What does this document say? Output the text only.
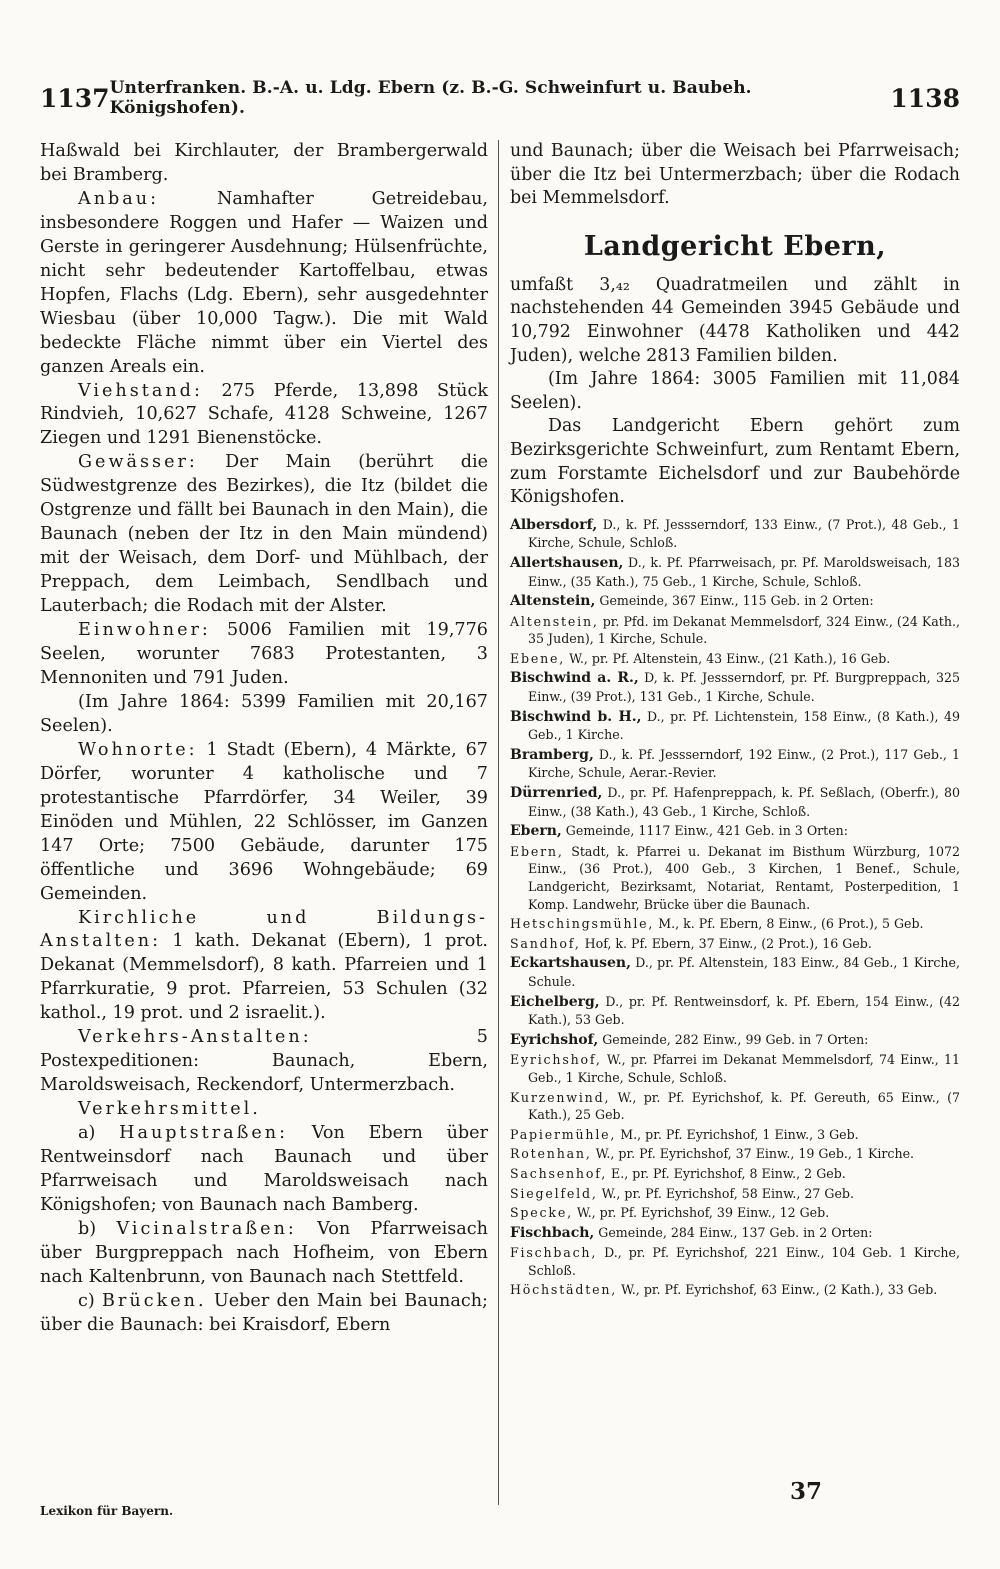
1137 Unterfranken. B.-A. u. Ldg. Ebern (z. B.-G. Schweinfurt u. Baubeh. Königshofen).	1138

Haßwald bei Kirchlauter, der Brambergerwald bei Bramberg.

Anbau: Namhafter Getreidebau, insbesondere Roggen und Hafer — Waizen und Gerste in geringerer Ausdehnung; Hülsenfrüchte, nicht sehr bedeutender Kartoffelbau, etwas Hopfen, Flachs (Ldg. Ebern), sehr ausgedehnter Wiesbau (über 10,000 Tagw.). Die mit Wald bedeckte Fläche nimmt über ein Viertel des ganzen Areals ein.

Viehstand: 275 Pferde, 13,898 Stück Rindvieh, 10,627 Schafe, 4128 Schweine, 1267 Ziegen und 1291 Bienenstöcke.

Gewässer: Der Main (berührt die Südwestgrenze des Bezirkes), die Itz (bildet die Ostgrenze und fällt bei Baunach in den Main), die Baunach (neben der Itz in den Main mündend) mit der Weisach, dem Dorf- und Mühlbach, der Preppach, dem Leimbach, Sendlbach und Lauterbach; die Rodach mit der Alster.

Einwohner: 5006 Familien mit 19,776 Seelen, worunter 7683 Protestanten, 3 Mennoniten und 791 Juden.

(Im Jahre 1864: 5399 Familien mit 20,167 Seelen).

Wohnorte: 1 Stadt (Ebern), 4 Märkte, 67 Dörfer, worunter 4 katholische und 7 protestantische Pfarrdörfer, 34 Weiler, 39 Einöden und Mühlen, 22 Schlösser, im Ganzen 147 Orte; 7500 Gebäude, darunter 175 öffentliche und 3696 Wohngebäude; 69 Gemeinden.

Kirchliche und Bildungs-Anstalten: 1 kath. Dekanat (Ebern), 1 prot. Dekanat (Memmelsdorf), 8 kath. Pfarreien und 1 Pfarrkuratie, 9 prot. Pfarreien, 53 Schulen (32 kathol., 19 prot. und 2 israelit.).

Verkehrs-Anstalten: 5 Postexpeditionen: Baunach, Ebern, Maroldsweisach, Reckendorf, Untermerzbach.

Verkehrsmittel.

a) Hauptstraßen: Von Ebern über Rentweinsdorf nach Baunach und über Pfarrweisach und Maroldsweisach nach Königshofen; von Baunach nach Bamberg.

b) Vicinalstraßen: Von Pfarrweisach über Burgpreppach nach Hofheim, von Ebern nach Kaltenbrunn, von Baunach nach Stettfeld.

c) Brücken. Ueber den Main bei Baunach; über die Baunach: bei Kraisdorf, Ebern

und Baunach; über die Weisach bei Pfarrweisach; über die Itz bei Untermerzbach; über die Rodach bei Memmelsdorf.

Landgericht Ebern,

umfaßt 3,₄₂ Quadratmeilen und zählt in nachstehenden 44 Gemeinden 3945 Gebäude und 10,792 Einwohner (4478 Katholiken und 442 Juden), welche 2813 Familien bilden.

(Im Jahre 1864: 3005 Familien mit 11,084 Seelen).

Das Landgericht Ebern gehört zum Bezirksgerichte Schweinfurt, zum Rentamt Ebern, zum Forstamte Eichelsdorf und zur Baubehörde Königshofen.

Albersdorf, D., k. Pf. Jessserndorf, 133 Einw., (7 Prot.), 48 Geb., 1 Kirche, Schule, Schloß.

Allertshausen, D., k. Pf. Pfarrweisach, pr. Pf. Maroldsweisach, 183 Einw., (35 Kath.), 75 Geb., 1 Kirche, Schule, Schloß.

Altenstein, Gemeinde, 367 Einw., 115 Geb. in 2 Orten:

Altenstein, pr. Pfd. im Dekanat Memmelsdorf, 324 Einw., (24 Kath., 35 Juden), 1 Kirche, Schule.

Ebene, W., pr. Pf. Altenstein, 43 Einw., (21 Kath.), 16 Geb.

Bischwind a. R., D, k. Pf. Jessserndorf, pr. Pf. Burgpreppach, 325 Einw., (39 Prot.), 131 Geb., 1 Kirche, Schule.

Bischwind b. H., D., pr. Pf. Lichtenstein, 158 Einw., (8 Kath.), 49 Geb., 1 Kirche.

Bramberg, D., k. Pf. Jessserndorf, 192 Einw., (2 Prot.), 117 Geb., 1 Kirche, Schule, Aerar.-Revier.

Dürrenried, D., pr. Pf. Hafenpreppach, k. Pf. Seßlach, (Oberfr.), 80 Einw., (38 Kath.), 43 Geb., 1 Kirche, Schloß.

Ebern, Gemeinde, 1117 Einw., 421 Geb. in 3 Orten:

Ebern, Stadt, k. Pfarrei u. Dekanat im Bisthum Würzburg, 1072 Einw., (36 Prot.), 400 Geb., 3 Kirchen, 1 Benef., Schule, Landgericht, Bezirksamt, Notariat, Rentamt, Posterpedition, 1 Komp. Landwehr, Brücke über die Baunach.

Hetschingsmühle, M., k. Pf. Ebern, 8 Einw., (6 Prot.), 5 Geb.

Sandhof, Hof, k. Pf. Ebern, 37 Einw., (2 Prot.), 16 Geb.

Eckartshausen, D., pr. Pf. Altenstein, 183 Einw., 84 Geb., 1 Kirche, Schule.

Eichelberg, D., pr. Pf. Rentweinsdorf, k. Pf. Ebern, 154 Einw., (42 Kath.), 53 Geb.

Eyrichshof, Gemeinde, 282 Einw., 99 Geb. in 7 Orten:

Eyrichshof, W., pr. Pfarrei im Dekanat Memmelsdorf, 74 Einw., 11 Geb., 1 Kirche, Schule, Schloß.

Kurzenwind, W., pr. Pf. Eyrichshof, k. Pf. Gereuth, 65 Einw., (7 Kath.), 25 Geb.

Papiermühle, M., pr. Pf. Eyrichshof, 1 Einw., 3 Geb.

Rotenhan, W., pr. Pf. Eyrichshof, 37 Einw., 19 Geb., 1 Kirche.

Sachsenhof, E., pr. Pf. Eyrichshof, 8 Einw., 2 Geb.

Siegelfeld, W., pr. Pf. Eyrichshof, 58 Einw., 27 Geb.

Specke, W., pr. Pf. Eyrichshof, 39 Einw., 12 Geb.

Fischbach, Gemeinde, 284 Einw., 137 Geb. in 2 Orten:

Fischbach, D., pr. Pf. Eyrichshof, 221 Einw., 104 Geb. 1 Kirche, Schloß.

Höchstädten, W., pr. Pf. Eyrichshof, 63 Einw., (2 Kath.), 33 Geb.

Lexikon für Bayern.
37
